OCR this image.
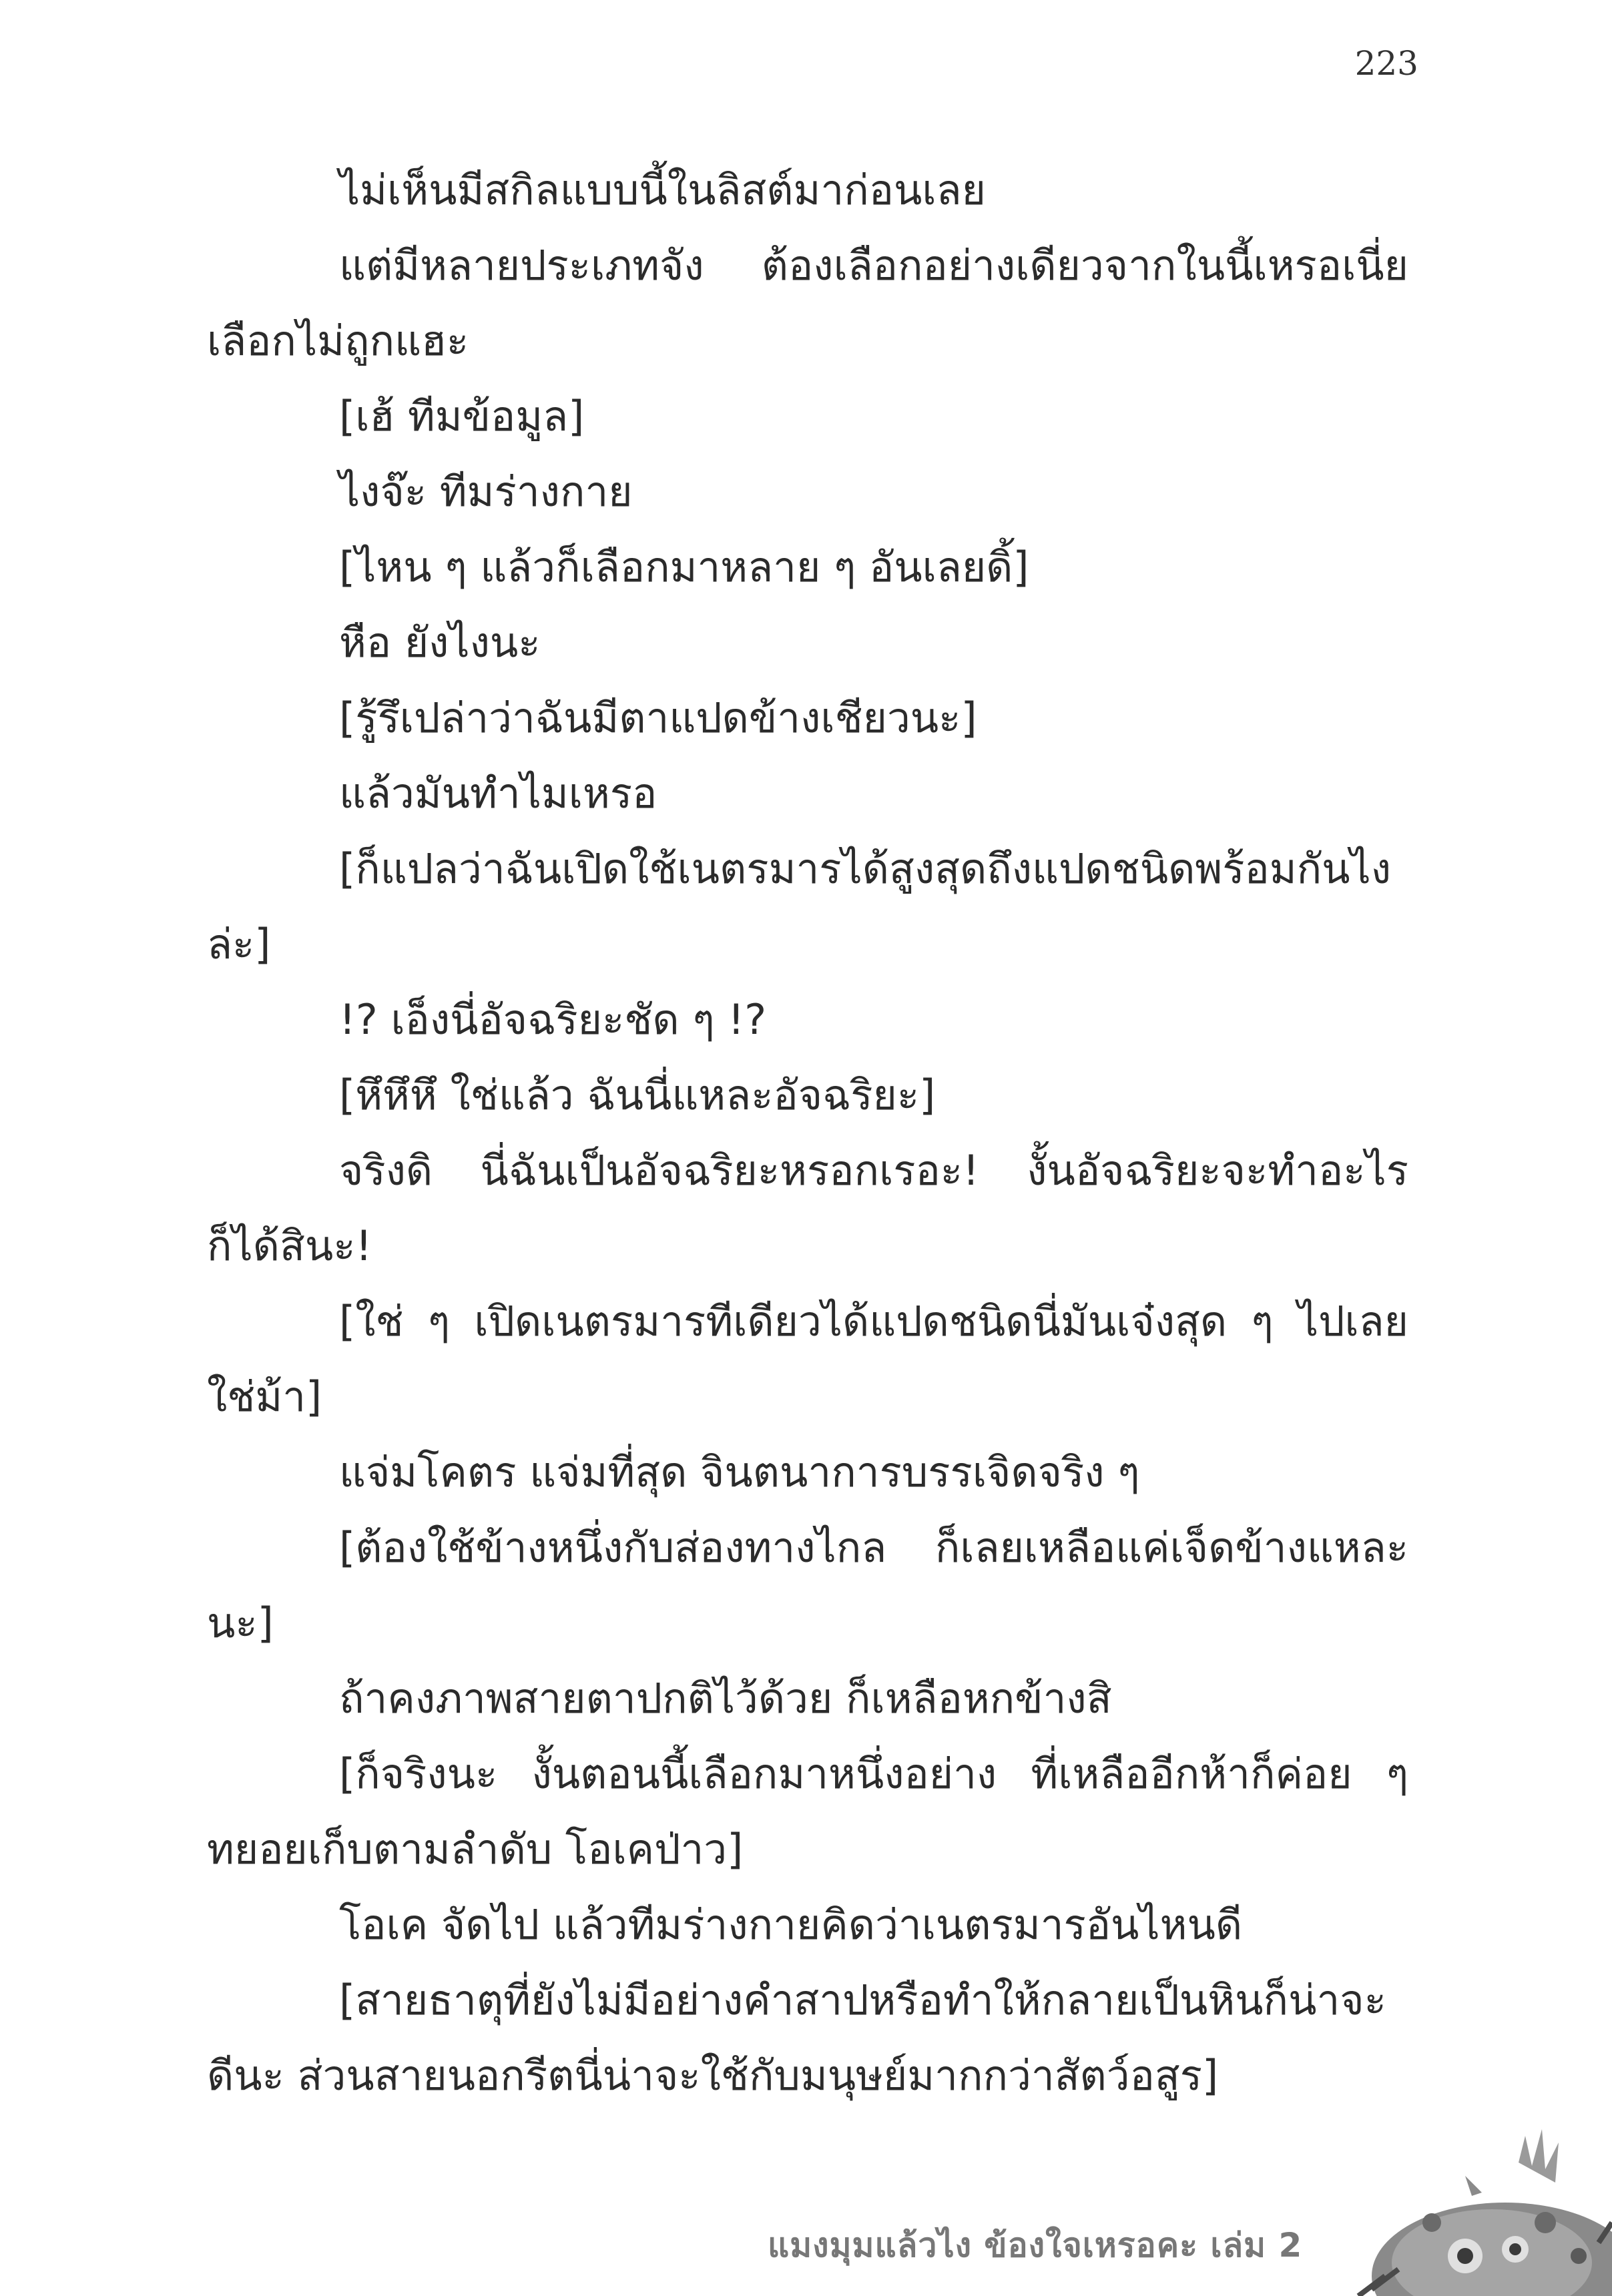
223

ไม่เห็นมีสกิลแบบนี้ในลิสต์มาก่อนเลย

แต่มีหลายประเภทจัง ต้องเลือกอย่างเดียวจากในนี้เหรอเนี่ย เลือกไม่ถูกแฮะ

[เฮ้ ทีมข้อมูล]

ไงจ๊ะ ทีมร่างกาย

[ไหน ๆ แล้วก็เลือกมาหลาย ๆ อันเลยดิ้]

หือ ยังไงนะ

[รู้รึเปล่าว่าฉันมีตาแปดข้างเชียวนะ]

แล้วมันทำไมเหรอ

[ก็แปลว่าฉันเปิดใช้เนตรมารได้สูงสุดถึงแปดชนิดพร้อมกันไงล่ะ]

!? เอ็งนี่อัจฉริยะชัด ๆ !?

[หึหึหึ ใช่แล้ว ฉันนี่แหละอัจฉริยะ]

จริงดิ นี่ฉันเป็นอัจฉริยะหรอกเรอะ! งั้นอัจฉริยะจะทำอะไรก็ได้สินะ!

[ใช่ ๆ เปิดเนตรมารทีเดียวได้แปดชนิดนี่มันเจ๋งสุด ๆ ไปเลยใช่ม้า]

แจ่มโคตร แจ่มที่สุด จินตนาการบรรเจิดจริง ๆ

[ต้องใช้ข้างหนึ่งกับส่องทางไกล ก็เลยเหลือแค่เจ็ดข้างแหละนะ]

ถ้าคงภาพสายตาปกติไว้ด้วย ก็เหลือหกข้างสิ

[ก็จริงนะ งั้นตอนนี้เลือกมาหนึ่งอย่าง ที่เหลืออีกห้าก็ค่อย ๆ ทยอยเก็บตามลำดับ โอเคป่าว]

โอเค จัดไป แล้วทีมร่างกายคิดว่าเนตรมารอันไหนดี

[สายธาตุที่ยังไม่มีอย่างคำสาปหรือทำให้กลายเป็นหินก็น่าจะดีนะ ส่วนสายนอกรีตนี่น่าจะใช้กับมนุษย์มากกว่าสัตว์อสูร]

แมงมุมแล้วไง ข้องใจเหรอคะ เล่ม 2
